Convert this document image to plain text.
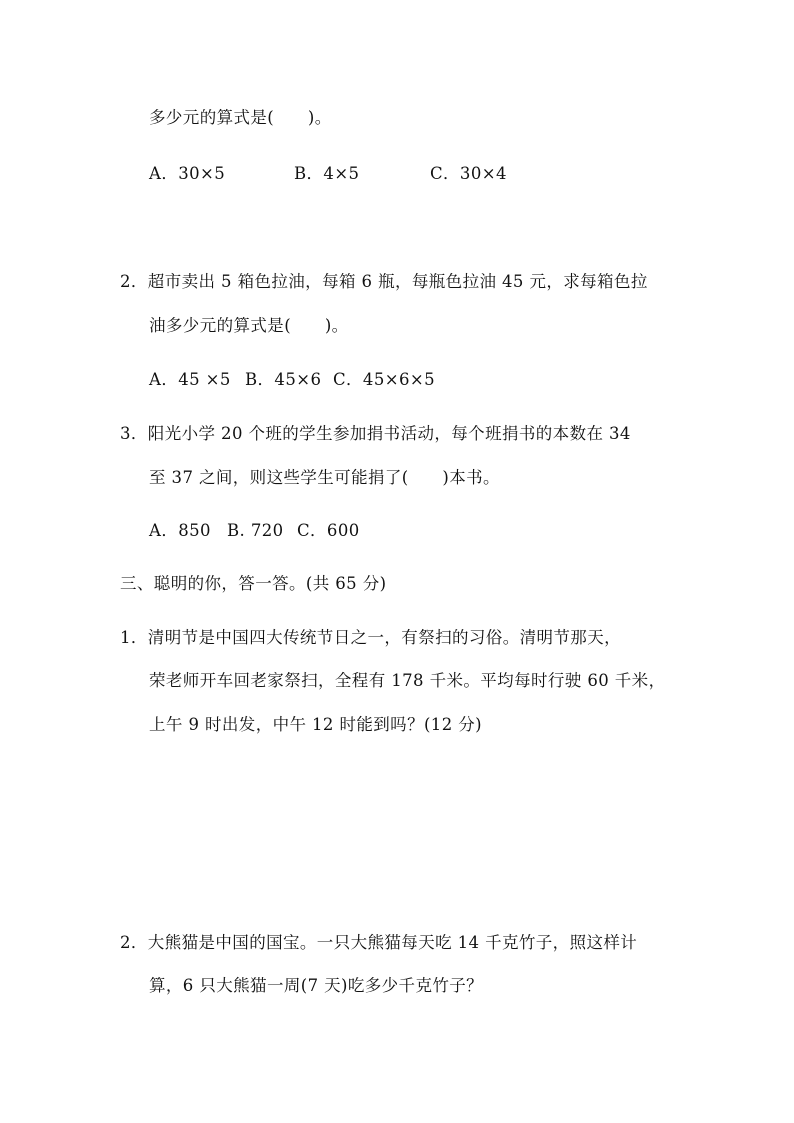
多少元的算式是(　　)。
A．30×5	B．4×5	C．30×4
2．超市卖出 5 箱色拉油，每箱 6 瓶，每瓶色拉油 45 元，求每箱色拉
油多少元的算式是(　　)。
A．45 ×5 B．45×6 C．45×6×5
3．阳光小学 20 个班的学生参加捐书活动，每个班捐书的本数在 34
至 37 之间，则这些学生可能捐了(　　)本书。
A．850 B. 720 C．600
三、聪明的你，答一答。(共 65 分)
1．清明节是中国四大传统节日之一，有祭扫的习俗。清明节那天，
荣老师开车回老家祭扫，全程有 178 千米。平均每时行驶 60 千米，
上午 9 时出发，中午 12 时能到吗？(12 分)
2．大熊猫是中国的国宝。一只大熊猫每天吃 14 千克竹子，照这样计
算，6 只大熊猫一周(7 天)吃多少千克竹子？
